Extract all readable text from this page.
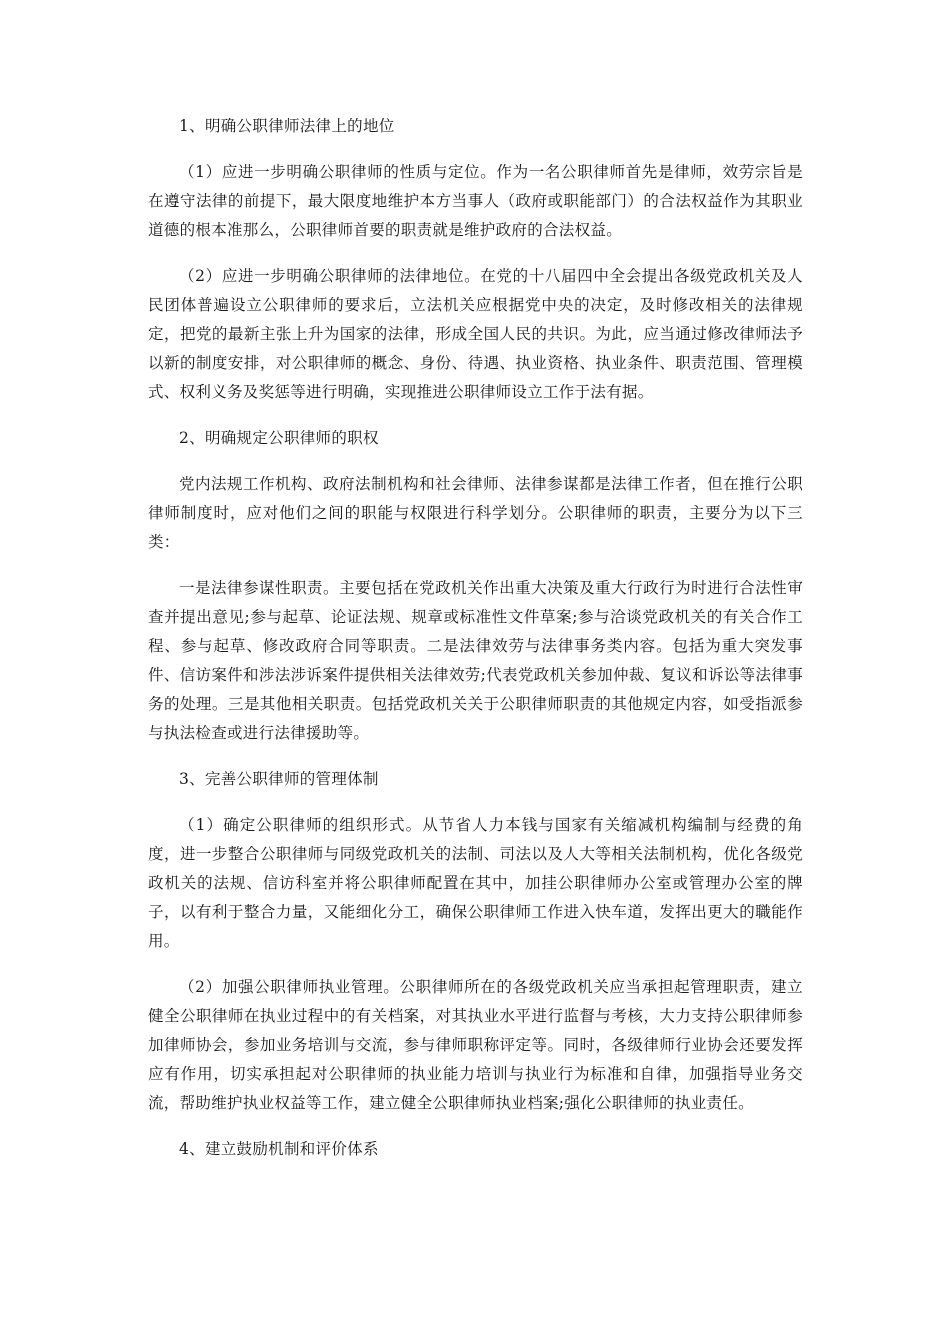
1、明确公职律师法律上的地位

（1）应进一步明确公职律师的性质与定位。作为一名公职律师首先是律师，效劳宗旨是在遵守法律的前提下，最大限度地维护本方当事人（政府或职能部门）的合法权益作为其职业道德的根本准那么，公职律师首要的职责就是维护政府的合法权益。

（2）应进一步明确公职律师的法律地位。在党的十八届四中全会提出各级党政机关及人民团体普遍设立公职律师的要求后，立法机关应根据党中央的决定，及时修改相关的法律规定，把党的最新主张上升为国家的法律，形成全国人民的共识。为此，应当通过修改律师法予以新的制度安排，对公职律师的概念、身份、待遇、执业资格、执业条件、职责范围、管理模式、权利义务及奖惩等进行明确，实现推进公职律师设立工作于法有据。

2、明确规定公职律师的职权

党内法规工作机构、政府法制机构和社会律师、法律参谋都是法律工作者，但在推行公职律师制度时，应对他们之间的职能与权限进行科学划分。公职律师的职责，主要分为以下三类：

一是法律参谋性职责。主要包括在党政机关作出重大决策及重大行政行为时进行合法性审查并提出意见;参与起草、论证法规、规章或标准性文件草案;参与洽谈党政机关的有关合作工程、参与起草、修改政府合同等职责。二是法律效劳与法律事务类内容。包括为重大突发事件、信访案件和涉法涉诉案件提供相关法律效劳;代表党政机关参加仲裁、复议和诉讼等法律事务的处理。三是其他相关职责。包括党政机关关于公职律师职责的其他规定内容，如受指派参与执法检查或进行法律援助等。

3、完善公职律师的管理体制

（1）确定公职律师的组织形式。从节省人力本钱与国家有关缩减机构编制与经费的角度，进一步整合公职律师与同级党政机关的法制、司法以及人大等相关法制机构，优化各级党政机关的法规、信访科室并将公职律师配置在其中，加挂公职律师办公室或管理办公室的牌子，以有利于整合力量，又能细化分工，确保公职律师工作进入快车道，发挥出更大的職能作用。

（2）加强公职律师执业管理。公职律师所在的各级党政机关应当承担起管理职责，建立健全公职律师在执业过程中的有关档案，对其执业水平进行监督与考核，大力支持公职律师参加律师协会，参加业务培训与交流，参与律师职称评定等。同时，各级律师行业协会还要发挥应有作用，切实承担起对公职律师的执业能力培训与执业行为标准和自律，加强指导业务交流，帮助维护执业权益等工作，建立健全公职律师执业档案;强化公职律师的执业责任。

4、建立鼓励机制和评价体系
